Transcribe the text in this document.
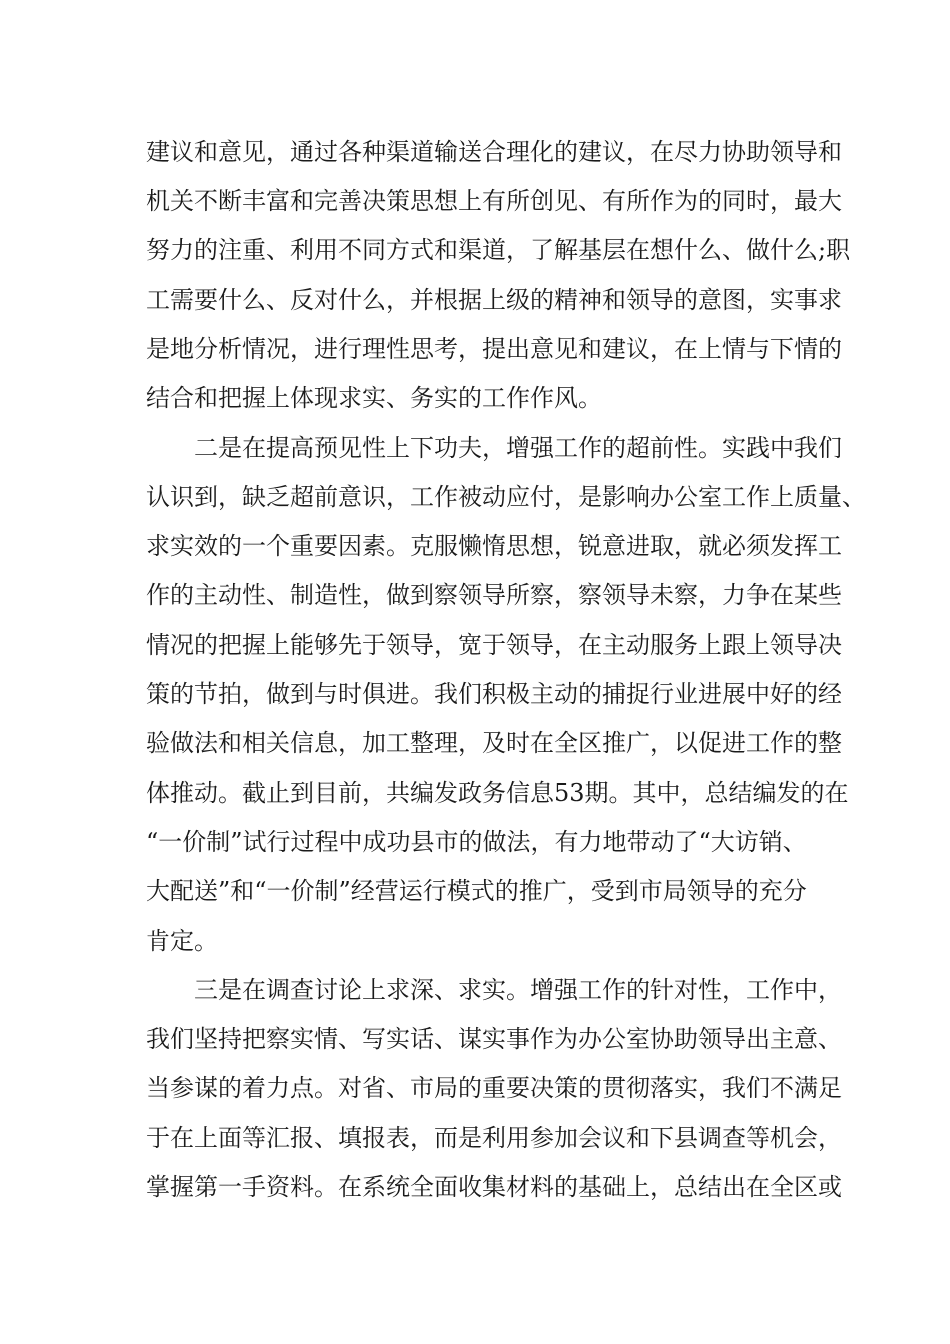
建议和意见，通过各种渠道输送合理化的建议，在尽力协助领导和
机关不断丰富和完善决策思想上有所创见、有所作为的同时，最大
努力的注重、利用不同方式和渠道，了解基层在想什么、做什么;职
工需要什么、反对什么，并根据上级的精神和领导的意图，实事求
是地分析情况，进行理性思考，提出意见和建议，在上情与下情的
结合和把握上体现求实、务实的工作作风。
二是在提高预见性上下功夫，增强工作的超前性。实践中我们
认识到，缺乏超前意识，工作被动应付，是影响办公室工作上质量、
求实效的一个重要因素。克服懒惰思想，锐意进取，就必须发挥工
作的主动性、制造性，做到察领导所察，察领导未察，力争在某些
情况的把握上能够先于领导，宽于领导，在主动服务上跟上领导决
策的节拍，做到与时俱进。我们积极主动的捕捉行业进展中好的经
验做法和相关信息，加工整理，及时在全区推广，以促进工作的整
体推动。截止到目前，共编发政务信息53期。其中，总结编发的在
“一价制”试行过程中成功县市的做法，有力地带动了“大访销、
大配送”和“一价制”经营运行模式的推广，受到市局领导的充分
肯定。
三是在调查讨论上求深、求实。增强工作的针对性，工作中，
我们坚持把察实情、写实话、谋实事作为办公室协助领导出主意、
当参谋的着力点。对省、市局的重要决策的贯彻落实，我们不满足
于在上面等汇报、填报表，而是利用参加会议和下县调查等机会，
掌握第一手资料。在系统全面收集材料的基础上，总结出在全区或
